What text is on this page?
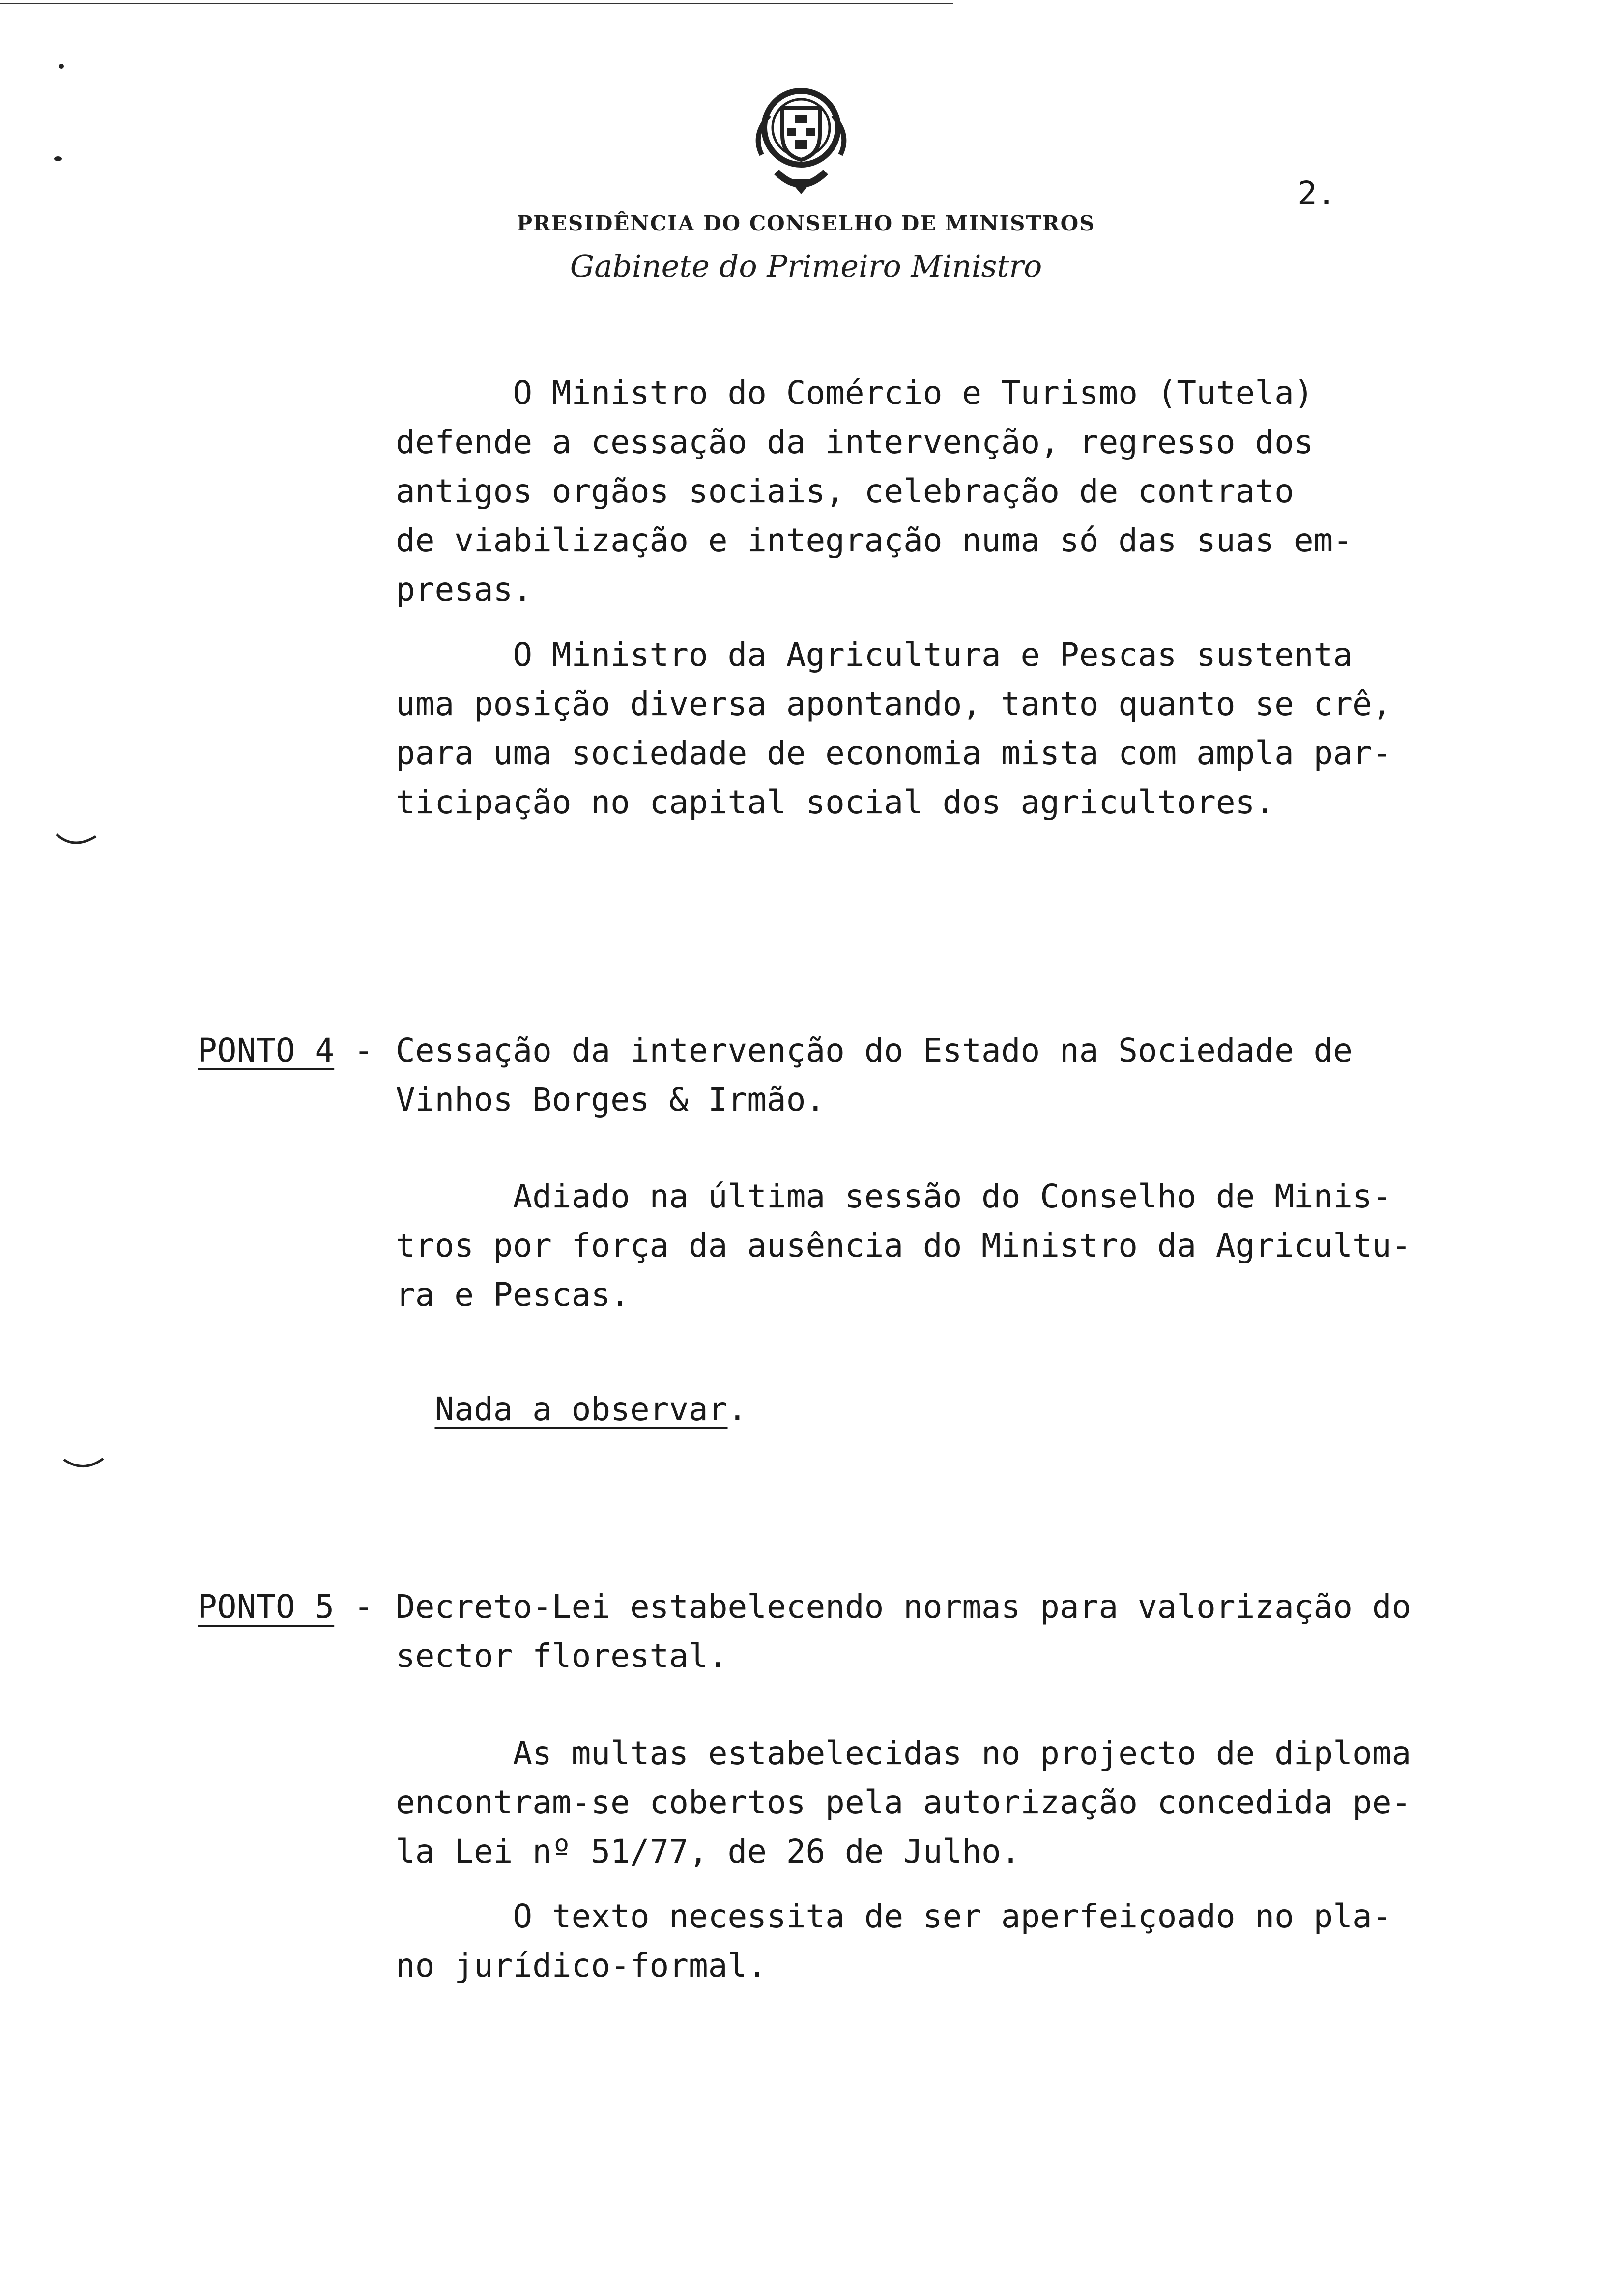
PRESIDÊNCIA DO CONSELHO DE MINISTROS
Gabinete do Primeiro Ministro
2.
O Ministro do Comércio e Turismo (Tutela)
defende a cessação da intervenção, regresso dos
antigos orgãos sociais, celebração de contrato
de viabilização e integração numa só das suas em-
presas.
O Ministro da Agricultura e Pescas sustenta
uma posição diversa apontando, tanto quanto se crê,
para uma sociedade de economia mista com ampla par-
ticipação no capital social dos agricultores.
PONTO 4 - Cessação da intervenção do Estado na Sociedade de
Vinhos Borges & Irmão.
Adiado na última sessão do Conselho de Minis-
tros por força da ausência do Ministro da Agricultu-
ra e Pescas.

Nada a observar.

PONTO 5 - Decreto-Lei estabelecendo normas para valorização do
sector florestal.
As multas estabelecidas no projecto de diploma
encontram-se cobertos pela autorização concedida pe-
la Lei nº 51/77, de 26 de Julho.
O texto necessita de ser aperfeiçoado no pla-
no jurídico-formal.
